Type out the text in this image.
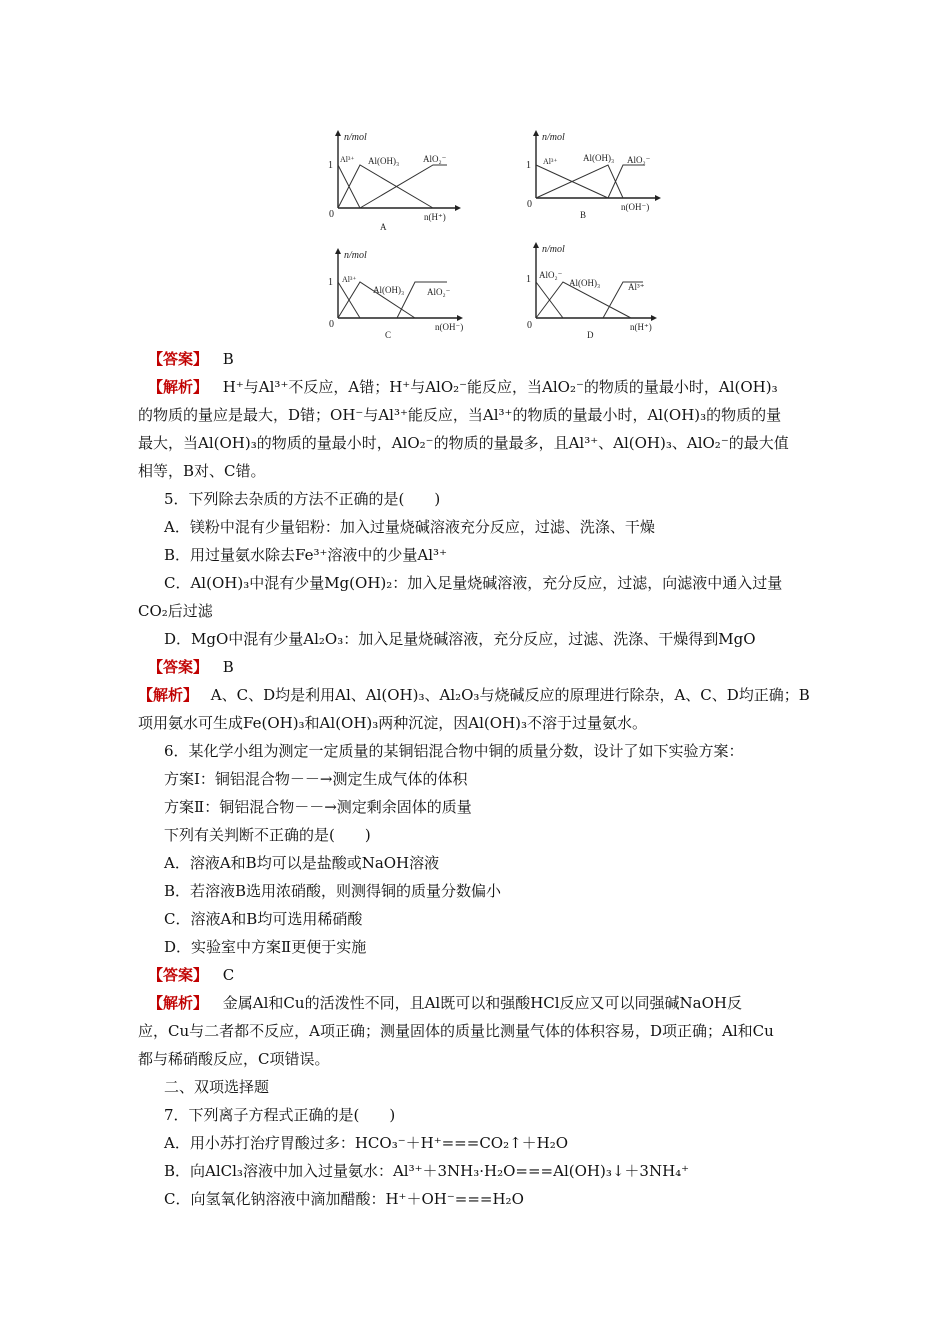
n/mol
1
0
Al³⁺ Al(OH)₃	AlO₂⁻
n(H⁺)
A
n/mol
1
0
Al³⁺	Al(OH)₃ AlO₂⁻
n(OH⁻)
B
n/mol
1
0
Al³⁺
Al(OH)₃	AlO₂⁻
n(OH⁻)
C
n/mol
1
0
AlO₂⁻
Al(OH)₃	Al³⁺
n(H⁺)
D
【答案】 B
【解析】 H⁺与Al³⁺不反应，A错；H⁺与AlO₂⁻能反应，当AlO₂⁻的物质的量最小时，Al(OH)₃
的物质的量应是最大，D错；OH⁻与Al³⁺能反应，当Al³⁺的物质的量最小时，Al(OH)₃的物质的量
最大，当Al(OH)₃的物质的量最小时，AlO₂⁻的物质的量最多，且Al³⁺、Al(OH)₃、AlO₂⁻的最大值
相等，B对、C错。
5．下列除去杂质的方法不正确的是(　　)
A．镁粉中混有少量铝粉：加入过量烧碱溶液充分反应，过滤、洗涤、干燥
B．用过量氨水除去Fe³⁺溶液中的少量Al³⁺
C．Al(OH)₃中混有少量Mg(OH)₂：加入足量烧碱溶液，充分反应，过滤，向滤液中通入过量
CO₂后过滤
D．MgO中混有少量Al₂O₃：加入足量烧碱溶液，充分反应，过滤、洗涤、干燥得到MgO
【答案】 B
【解析】 A、C、D均是利用Al、Al(OH)₃、Al₂O₃与烧碱反应的原理进行除杂，A、C、D均正确；B
项用氨水可生成Fe(OH)₃和Al(OH)₃两种沉淀，因Al(OH)₃不溶于过量氨水。
6．某化学小组为测定一定质量的某铜铝混合物中铜的质量分数，设计了如下实验方案：
方案Ⅰ：铜铝混合物－－→测定生成气体的体积
方案Ⅱ：铜铝混合物－－→测定剩余固体的质量
下列有关判断不正确的是(　　)
A．溶液A和B均可以是盐酸或NaOH溶液
B．若溶液B选用浓硝酸，则测得铜的质量分数偏小
C．溶液A和B均可选用稀硝酸
D．实验室中方案Ⅱ更便于实施
【答案】 C
【解析】 金属Al和Cu的活泼性不同，且Al既可以和强酸HCl反应又可以同强碱NaOH反
应，Cu与二者都不反应，A项正确；测量固体的质量比测量气体的体积容易，D项正确；Al和Cu
都与稀硝酸反应，C项错误。
二、双项选择题
7．下列离子方程式正确的是(　　)
A．用小苏打治疗胃酸过多：HCO₃⁻＋H⁺===CO₂↑＋H₂O
B．向AlCl₃溶液中加入过量氨水：Al³⁺＋3NH₃·H₂O===Al(OH)₃↓＋3NH₄⁺
C．向氢氧化钠溶液中滴加醋酸：H⁺＋OH⁻===H₂O
